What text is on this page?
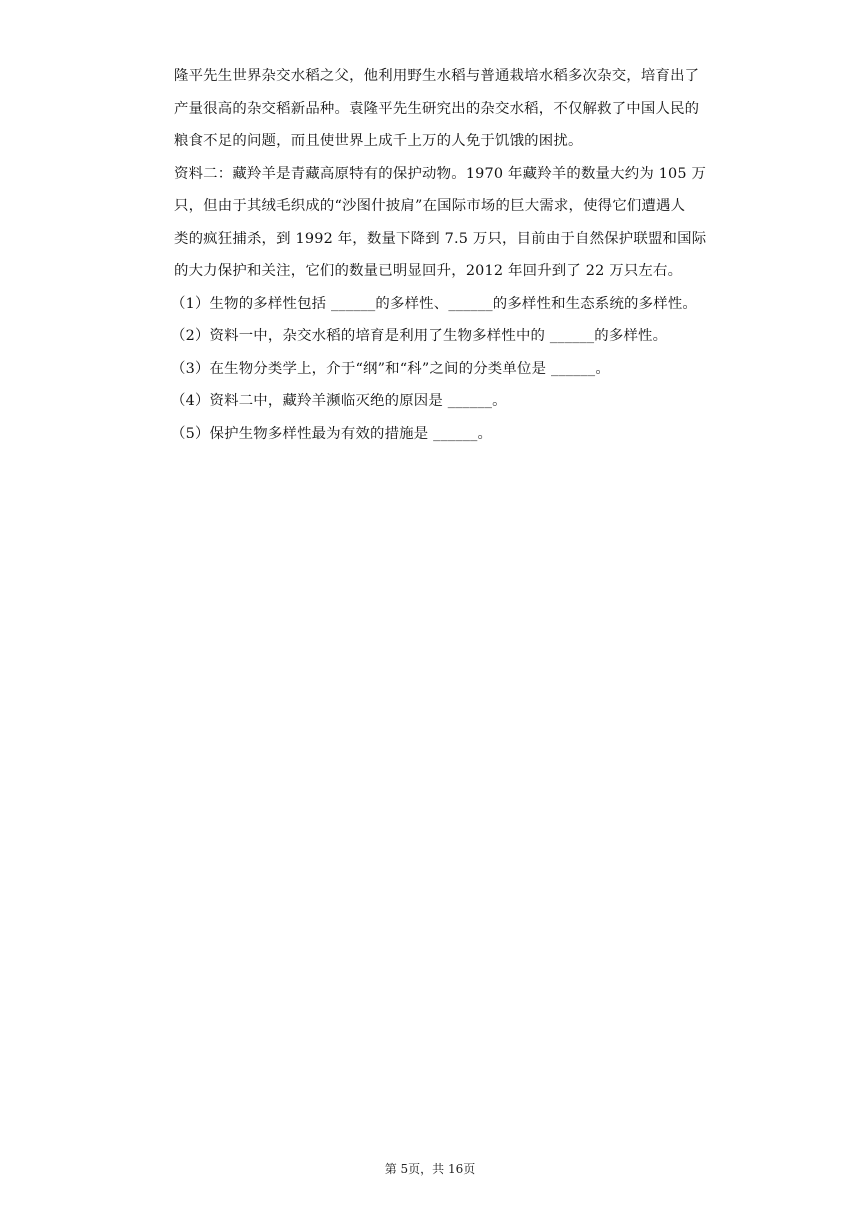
隆平先生世界杂交水稻之父，他利用野生水稻与普通栽培水稻多次杂交，培育出了
产量很高的杂交稻新品种。袁隆平先生研究出的杂交水稻，不仅解救了中国人民的
粮食不足的问题，而且使世界上成千上万的人免于饥饿的困扰。
资料二：藏羚羊是青藏高原特有的保护动物。1970 年藏羚羊的数量大约为 105 万
只，但由于其绒毛织成的“沙图什披肩”在国际市场的巨大需求，使得它们遭遇人
类的疯狂捕杀，到 1992 年，数量下降到 7.5 万只，目前由于自然保护联盟和国际
的大力保护和关注，它们的数量已明显回升，2012 年回升到了 22 万只左右。
（1）生物的多样性包括 ______的多样性、______的多样性和生态系统的多样性。
（2）资料一中，杂交水稻的培育是利用了生物多样性中的 ______的多样性。
（3）在生物分类学上，介于“纲”和“科”之间的分类单位是 ______。
（4）资料二中，藏羚羊濒临灭绝的原因是 ______。
（5）保护生物多样性最为有效的措施是 ______。
第 5页，共 16页
